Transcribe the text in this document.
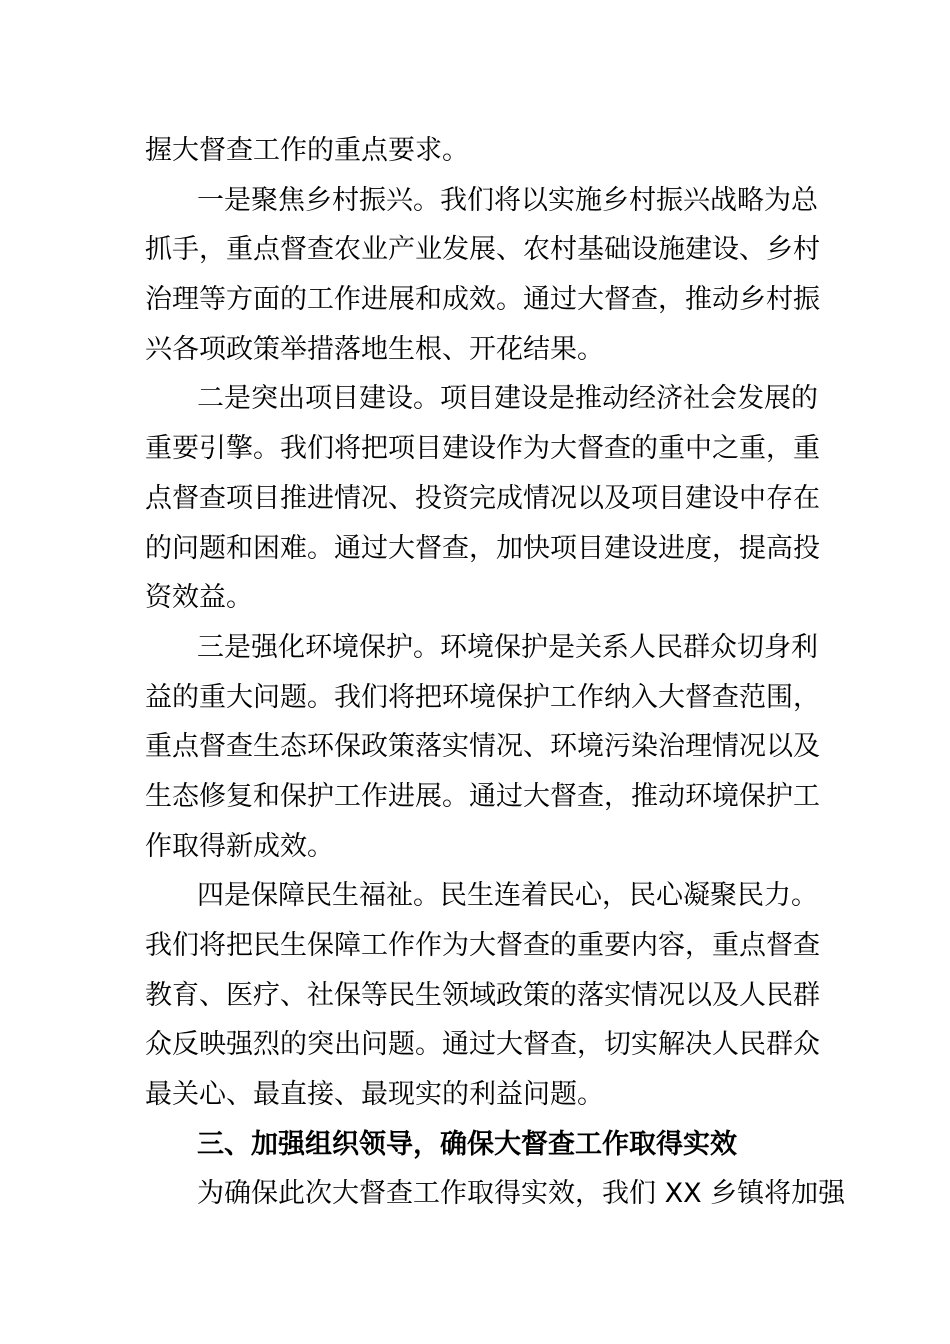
握大督查工作的重点要求。
一是聚焦乡村振兴。我们将以实施乡村振兴战略为总
抓手，重点督查农业产业发展、农村基础设施建设、乡村
治理等方面的工作进展和成效。通过大督查，推动乡村振
兴各项政策举措落地生根、开花结果。
二是突出项目建设。项目建设是推动经济社会发展的
重要引擎。我们将把项目建设作为大督查的重中之重，重
点督查项目推进情况、投资完成情况以及项目建设中存在
的问题和困难。通过大督查，加快项目建设进度，提高投
资效益。
三是强化环境保护。环境保护是关系人民群众切身利
益的重大问题。我们将把环境保护工作纳入大督查范围，
重点督查生态环保政策落实情况、环境污染治理情况以及
生态修复和保护工作进展。通过大督查，推动环境保护工
作取得新成效。
四是保障民生福祉。民生连着民心，民心凝聚民力。
我们将把民生保障工作作为大督查的重要内容，重点督查
教育、医疗、社保等民生领域政策的落实情况以及人民群
众反映强烈的突出问题。通过大督查，切实解决人民群众
最关心、最直接、最现实的利益问题。
三、加强组织领导，确保大督查工作取得实效
为确保此次大督查工作取得实效，我们 XX 乡镇将加强
